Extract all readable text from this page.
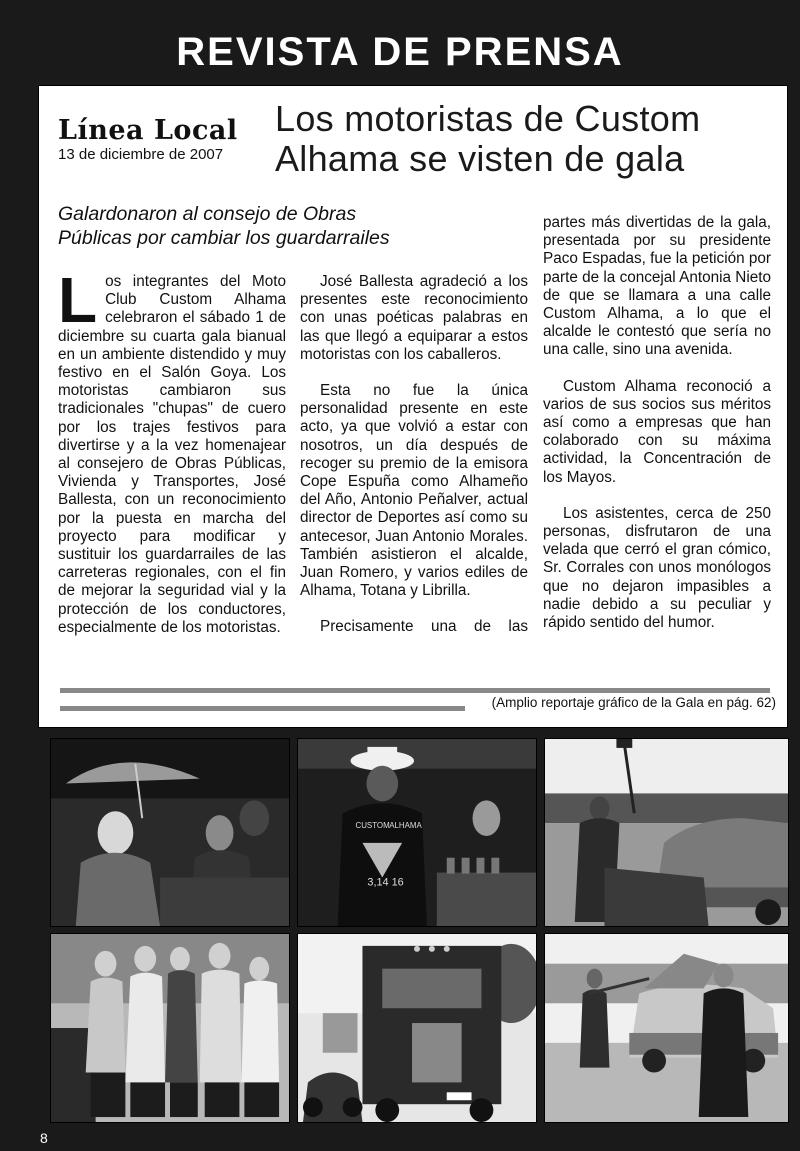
REVISTA DE PRENSA
Línea Local
13 de diciembre de 2007
Los motoristas de Custom
Alhama se visten de gala
Galardonaron al consejo de Obras
Públicas por cambiar los guardarrailes

Los integrantes del Moto Club Custom Alhama celebraron el sábado 1 de diciembre su cuarta gala bianual en un ambiente distendido y muy festivo en el Salón Goya. Los motoristas cambiaron sus tradicionales "chupas" de cuero por los trajes festivos para divertirse y a la vez homenajear al consejero de Obras Públicas, Vivienda y Transportes, José Ballesta, con un reconocimiento por la puesta en marcha del proyecto para modificar y sustituir los guardarrailes de las carreteras regionales, con el fin de mejorar la seguridad vial y la protección de los conductores, especialmente de los motoristas.

José Ballesta agradeció a los presentes este reconocimiento con unas poéticas palabras en las que llegó a equiparar a estos motoristas con los caballeros.

Esta no fue la única personalidad presente en este acto, ya que volvió a estar con nosotros, un día después de recoger su premio de la emisora Cope Espuña como Alhameño del Año, Antonio Peñalver, actual director de Deportes así como su antecesor, Juan Antonio Morales. También asistieron el alcalde, Juan Romero, y varios ediles de Alhama, Totana y Librilla.

Precisamente una de las

partes más divertidas de la gala, presentada por su presidente Paco Espadas, fue la petición por parte de la concejal Antonia Nieto de que se llamara a una calle Custom Alhama, a lo que el alcalde le contestó que sería no una calle, sino una avenida.

Custom Alhama reconoció a varios de sus socios sus méritos así como a empresas que han colaborado con su máxima actividad, la Concentración de los Mayos.

Los asistentes, cerca de 250 personas, disfrutaron de una velada que cerró el gran cómico, Sr. Corrales con unos monólogos que no dejaron impasibles a nadie debido a su peculiar y rápido sentido del humor.

(Amplio reportaje gráfico de la Gala en pág. 62)
CUSTOM ALHAMA
3,14 16
8
